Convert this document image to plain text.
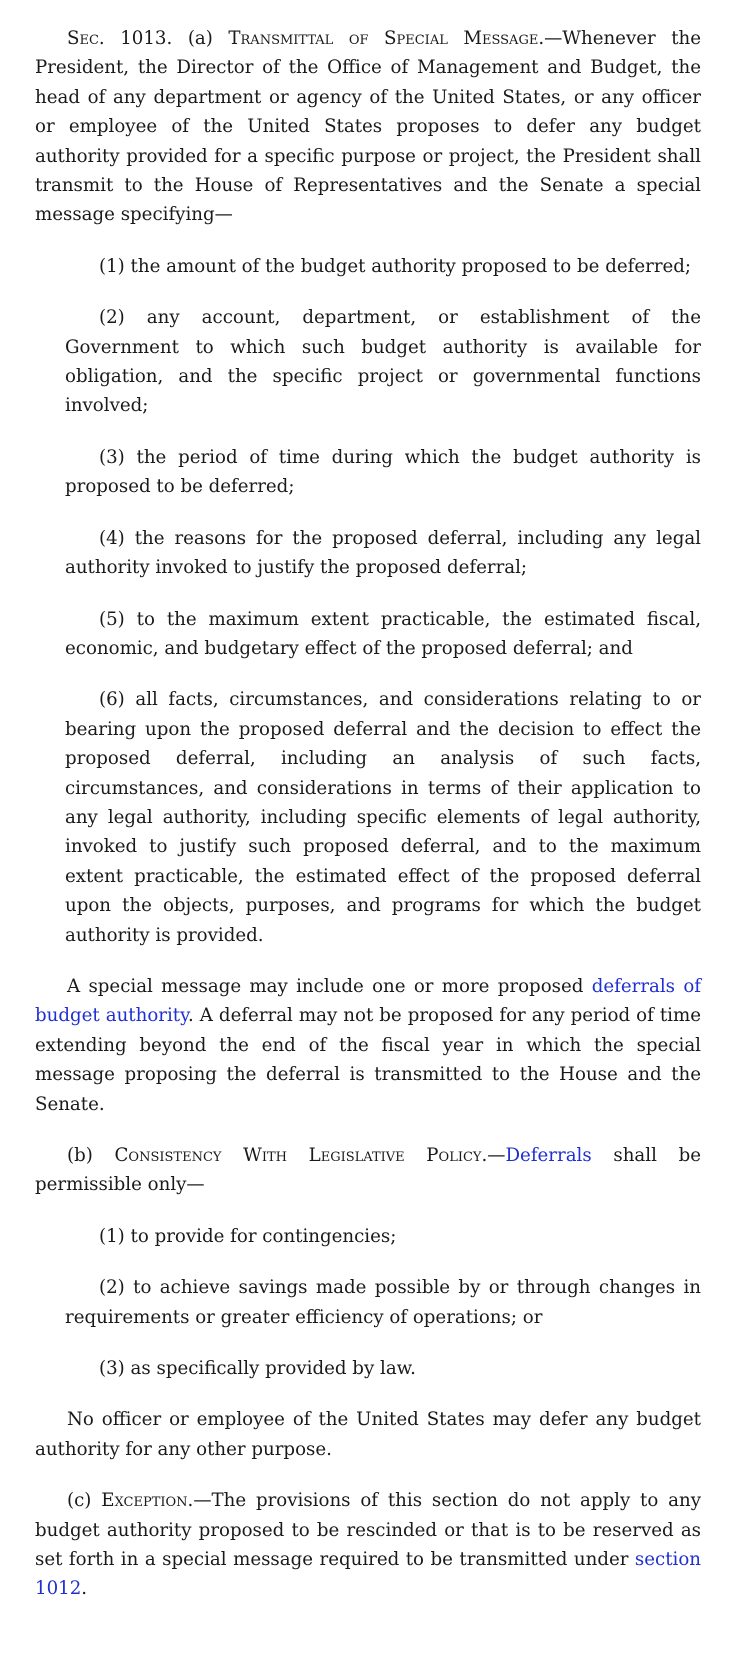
Sec. 1013. (a) Transmittal of Special Message.—Whenever the President, the Director of the Office of Management and Budget, the head of any department or agency of the United States, or any officer or employee of the United States proposes to defer any budget authority provided for a specific purpose or project, the President shall transmit to the House of Representatives and the Senate a special message specifying—

(1) the amount of the budget authority proposed to be deferred;

(2) any account, department, or establishment of the Government to which such budget authority is available for obligation, and the specific project or governmental functions involved;

(3) the period of time during which the budget authority is proposed to be deferred;

(4) the reasons for the proposed deferral, including any legal authority invoked to justify the proposed deferral;

(5) to the maximum extent practicable, the estimated fiscal, economic, and budgetary effect of the proposed deferral; and

(6) all facts, circumstances, and considerations relating to or bearing upon the proposed deferral and the decision to effect the proposed deferral, including an analysis of such facts, circumstances, and considerations in terms of their application to any legal authority, including specific elements of legal authority, invoked to justify such proposed deferral, and to the maximum extent practicable, the estimated effect of the proposed deferral upon the objects, purposes, and programs for which the budget authority is provided.

A special message may include one or more proposed deferrals of budget authority. A deferral may not be proposed for any period of time extending beyond the end of the fiscal year in which the special message proposing the deferral is transmitted to the House and the Senate.

(b) Consistency With Legislative Policy.—Deferrals shall be permissible only—

(1) to provide for contingencies;

(2) to achieve savings made possible by or through changes in requirements or greater efficiency of operations; or

(3) as specifically provided by law.

No officer or employee of the United States may defer any budget authority for any other purpose.

(c) Exception.—The provisions of this section do not apply to any budget authority proposed to be rescinded or that is to be reserved as set forth in a special message required to be transmitted under section 1012.
